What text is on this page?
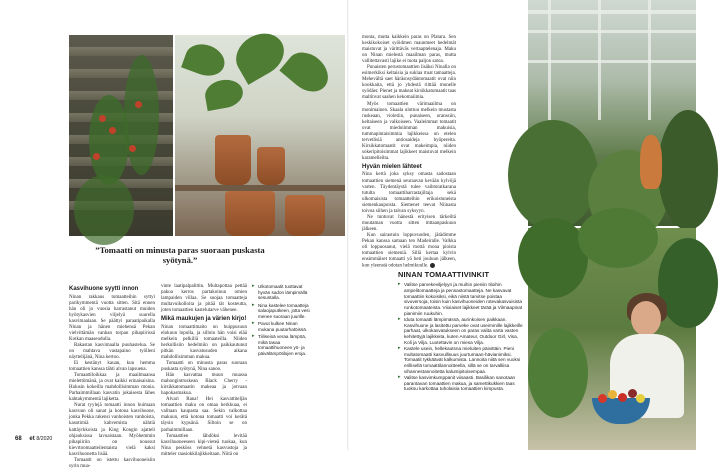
”Tomaatti on minusta paras suoraan puskasta syötynä.”
Kasvihuone syytti innon

Ninan rakkaus tomaatteihin syttyi parikymmentä vuotta sitten. Sitä ennen hän oli jo vuosia harrastanut muiden hyötykasvien viljelyä suurella kasvimaalaan. Se päättyi paraatipaikalla Ninan ja hänen miehensä Pekan vielvittämän vanhan torpan pihapiirissä Kotkan maaseudulla.

Rakastan kasvimaalla puuhastelua. Se on mahtava vastapaino työlleni näyttelijänä, Nina kertoo.

Ei kestänyt kauan, kun hemma tomaattien kanssa tähti alvan lapsuena.

Tomaattiloikkaa ja maailmaansa mielettömänä, ja ovat kaikki erinaisaisina. Halusin kokeilla mahdollisimman monia. Parhaimmillaan kasvatin jokaisesta lähes kahtakymmentä lajiketta.

Nurat tyylejä tomaatti innon huimaan kasvuun oli sanat ja kotona kasvihuone, jonka Pekka rakensi vanhoisten vanhoista, kasotimiä kahvemista nähtiä kattäyrkkoista ja King Kongin ajatteli ohjauksissa lavuaistaan. Myöhemmin pihapiiriin on noussut kievrtoomaatteilentaista vielä kaksi kasvihuonetta lisää.

Tomaatit on istettu kasvihuoneisiin syrin mua-

vinte laatipalpalittin. Multapottaa pettää pakoa kerros partakoinun omien lampaiden villaa. Se suojaa tomaatteja multavuikolloita ja pitää tät kosteutta, joten tomaattien kastelutarve vähenee.

Mikä maukujen ja värien kirjo!

Ninan tomaattimaito on huippusuun elokuun lopulla, ja silloin hän voisi elää melkein pelkillä tomaateilla. Niiden herkullisiin hedelmiin on paikkautunut pitkän kasvatusuden aikana mahdollisimman makua.

Tomaatti on minusta paras suoraan puskasta syötynä, Nina sanoo.

Hän kasvattaa muun muassa mahongintruskean Black Cherry -kirsikkatomaatin makeaa ja jotvaan hapokasmakua.

Alvari Rana! Hei kasvattiteljän tomaattien maku on omaa herkkuaa, ei valitaan kaupasta saa. Sekin valkottaa makuun, että kotona tomaatti voi kerätä täysin kypsänä. Siltoin se on parhaimmillaan.

Tomaattien lähdöksi levitää kasvihuoneeseen kipi-vieteä tuokaa, kun Nina pesköss vehnetä kasvustoja ja mitteler raasiokkilajikkeitaan. Niitä on

▸ Ulkotomaatit tuottavat hyvän sadon lämpimällä sesuntalla.
▸ Nina kastelee tomaatteja salaojaputkeen, jotta vesi menee suoraan juurille.
▸ Pavut kulkee Ninan mukana puutarhatöissä.
▸ Tiiliseinä veraa lämpöä, mikä tasaa tomaattihuoneen yö- ja päivälämpötilojen eroja.

monta, mutta kaikkein paras on Platara. Sen keskikokoiset syöidmen maunmeet hedelmät maistuvat ja värittäväs vertaaptelenaja. Maku on Ninan mielestä maailman paras, mutta vallitettavasti lajike ei tuota paljon satoa.

Punaisten perustomaattien lisäksi Ninalla on esimerkiksi keltaisia ja suklaa rtuat tamaatteja. Mehevältä saet häräsnsydäntomaatit ovat niin kookkaita, että jo yhdestä riittää monelle syödäer. Pienet ja makeat kirsikkatomaatit taas maltinvat saahen kekomaiimia.

Myös tomaattien värimaailma on monimainen. Skaala ulottuu melkein mustasta ruskeaan, violetiin, punaiseen, oranssiin, keltaiseen ja valkoiseen. Vaaleimmat tomaatit ovat miedoiimman makuisia, tummapintaisimmia lajikkeissa on etelen tervetlisiä antiosaideja hyöpereita. Kirsikkatomaatit ovat makeimpia, niiden sokeripitoisimmat lajikkeet maistuvat melkein karamelleilta.

Hyvän mielen lähteet

Nina kertä joka syksy omasta sadostaan tomaattien siemenä seuraavan kevään kylvöjä varten. Täydentäystä tulee vaihtoratkarana tutulta tomaattiharrastajiltaja sekä ulkomaisista tomaatteihin erikoistuneista siemenkaupoista. Siemenet teevat Niinasta toivoa siihen ja talvan syksyyn.

Ne tuntuvat hänestä erityisen tärkeiltä muutaman vuotta sitten mttaanpaskuun jälkeen.

Kun sairastuin loppuvuoden, jätädimme Pekan kanssa samaan ten Madeiralle. Valkka oli loppuosanut, vielä mottä mona pioista tomaattien siemeniä. Sillä kertaa kylvin ensimmäiset tomaatti yö heti jouluun jälkeen, kun yleenstä odotan helmikuulle.

NINAN TOMAATTIVINKIT
▸ Valitse parvekeviljelyyn ja muihin pieniin tiloihin ampelitomaatteja ja pensastomaatteja. Ne kasvavat tomaattiin kokoisiksi, eikä niistä tarvitse poistaa sivuversoja, toisin kuin kasvihuoneiden rotevakasvuisista runkotomaateista. Viioiaiset lajikkeet tärää ja Vilmaapinat pianimiin ruukuhin.
▸ Iduta tomaatti lämpimässä, aurinkoisen paikkaan. Kasvihuone ja lasitettu parveke ovat useimmille lajikkeille parhaat, ulkokasvatukseen on paras valita varta vasten kehitettyjä lajikkeita, kuten Amateur, Outdoor Girl, Visa, Koli ja Vilja. Luotettavin on miesa Vilja.
▸ Kastele usein, hellekautsna mieluiten päivittäin. Pieni multatomaatti kasvullisuus juurtumaan-hävianimiksi. Tomaatit tykkäävät kalkumista. Lannoita niitä sen vuoksi erillisellä tomaattilannoitteella, sillä se on tarvalliisa vihannestannoitetta kalumipitoisempaa.
▸ Valitse kasvimkumppanit viisaasti. Basilikan sanotaan parantavan tomaattien makua, ja samettikukkien taas tuoksu karkottaa tuholaisia tomaattien kimpusta.
68 et 8/2020
